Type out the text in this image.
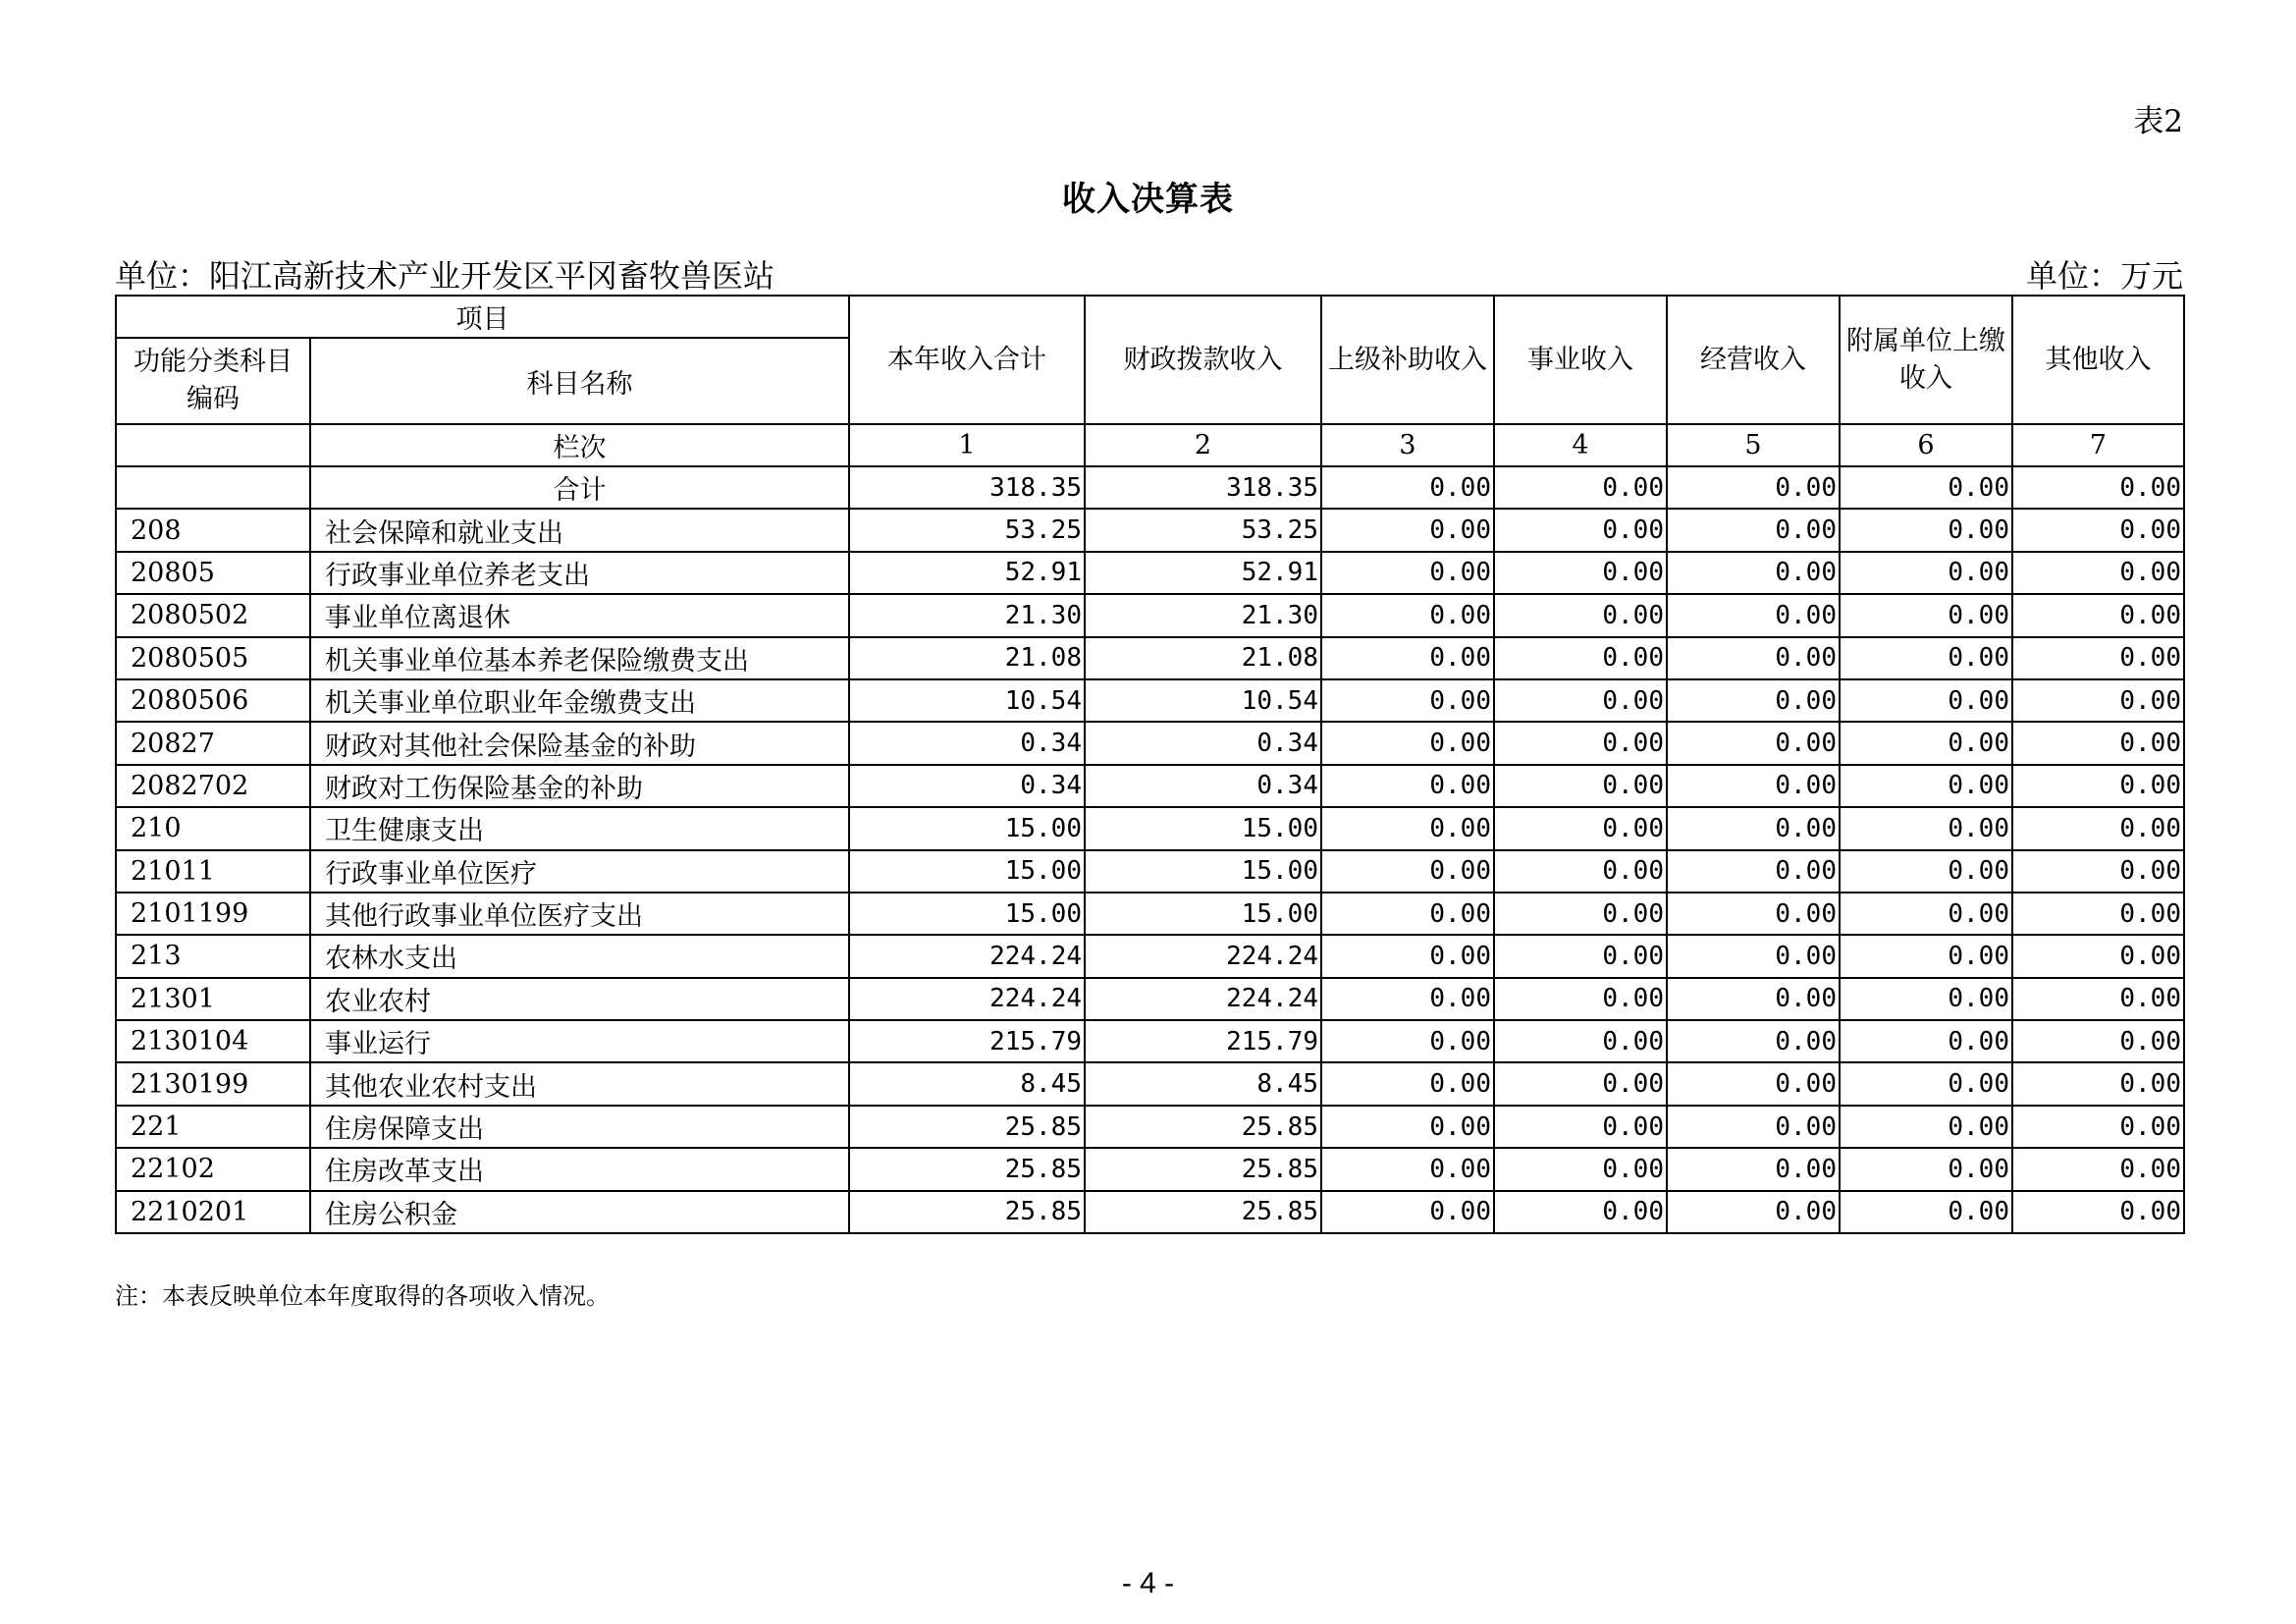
表2
收入决算表
单位：阳江高新技术产业开发区平冈畜牧兽医站	单位：万元
项目		本年收入合计	财政拨款收入	上级补助收入	事业收入	经营收入	附属单位上缴收入	其他收入
功能分类科目编码	科目名称							
	栏次	1	2	3	4	5	6	7
	合计	318.35	318.35	0.00	0.00	0.00	0.00	0.00
208	社会保障和就业支出	53.25	53.25	0.00	0.00	0.00	0.00	0.00
20805	行政事业单位养老支出	52.91	52.91	0.00	0.00	0.00	0.00	0.00
2080502	事业单位离退休	21.30	21.30	0.00	0.00	0.00	0.00	0.00
2080505	机关事业单位基本养老保险缴费支出	21.08	21.08	0.00	0.00	0.00	0.00	0.00
2080506	机关事业单位职业年金缴费支出	10.54	10.54	0.00	0.00	0.00	0.00	0.00
20827	财政对其他社会保险基金的补助	0.34	0.34	0.00	0.00	0.00	0.00	0.00
2082702	财政对工伤保险基金的补助	0.34	0.34	0.00	0.00	0.00	0.00	0.00
210	卫生健康支出	15.00	15.00	0.00	0.00	0.00	0.00	0.00
21011	行政事业单位医疗	15.00	15.00	0.00	0.00	0.00	0.00	0.00
2101199	其他行政事业单位医疗支出	15.00	15.00	0.00	0.00	0.00	0.00	0.00
213	农林水支出	224.24	224.24	0.00	0.00	0.00	0.00	0.00
21301	农业农村	224.24	224.24	0.00	0.00	0.00	0.00	0.00
2130104	事业运行	215.79	215.79	0.00	0.00	0.00	0.00	0.00
2130199	其他农业农村支出	8.45	8.45	0.00	0.00	0.00	0.00	0.00
221	住房保障支出	25.85	25.85	0.00	0.00	0.00	0.00	0.00
22102	住房改革支出	25.85	25.85	0.00	0.00	0.00	0.00	0.00
2210201	住房公积金	25.85	25.85	0.00	0.00	0.00	0.00	0.00
注：本表反映单位本年度取得的各项收入情况。
- 4 -
